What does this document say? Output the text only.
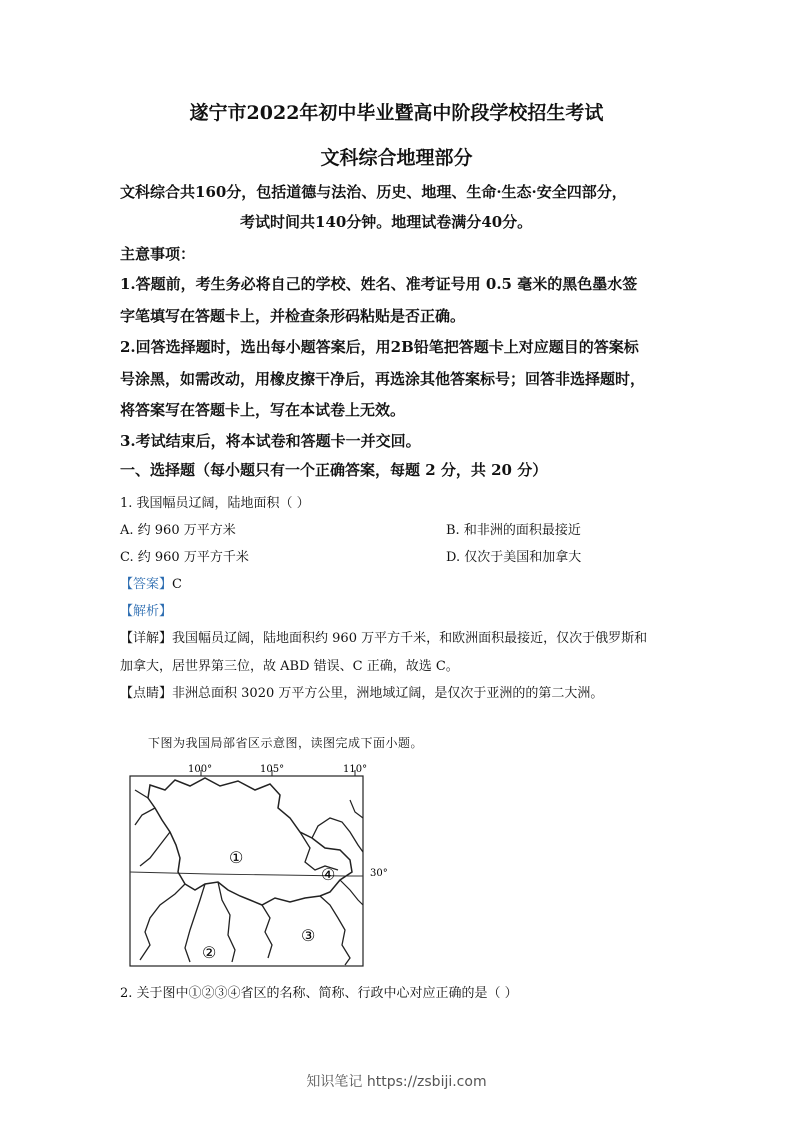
遂宁市2022年初中毕业暨高中阶段学校招生考试
文科综合地理部分
文科综合共160分，包括道德与法治、历史、地理、生命·生态·安全四部分，
考试时间共140分钟。地理试卷满分40分。
主意事项：
1.答题前，考生务必将自己的学校、姓名、准考证号用 0.5 毫米的黑色墨水签
字笔填写在答题卡上，并检查条形码粘贴是否正确。
2.回答选择题时，选出每小题答案后，用2B铅笔把答题卡上对应题目的答案标
号涂黑，如需改动，用橡皮擦干净后，再选涂其他答案标号；回答非选择题时，
将答案写在答题卡上，写在本试卷上无效。
3.考试结束后，将本试卷和答题卡一并交回。
一、选择题（每小题只有一个正确答案，每题 2 分，共 20 分）
1. 我国幅员辽阔，陆地面积（ ）
A. 约 960 万平方米	B. 和非洲的面积最接近
C. 约 960 万平方千米	D. 仅次于美国和加拿大
【答案】C
【解析】
【详解】我国幅员辽阔，陆地面积约 960 万平方千米，和欧洲面积最接近，仅次于俄罗斯和
加拿大，居世界第三位，故 ABD 错误、C 正确，故选 C。
【点睛】非洲总面积 3020 万平方公里，洲地域辽阔，是仅次于亚洲的的第二大洲。
下图为我国局部省区示意图，读图完成下面小题。
100°	105°	110°
30°
①
②
③
④
2. 关于图中①②③④省区的名称、简称、行政中心对应正确的是（ ）
知识笔记 https://zsbiji.com
